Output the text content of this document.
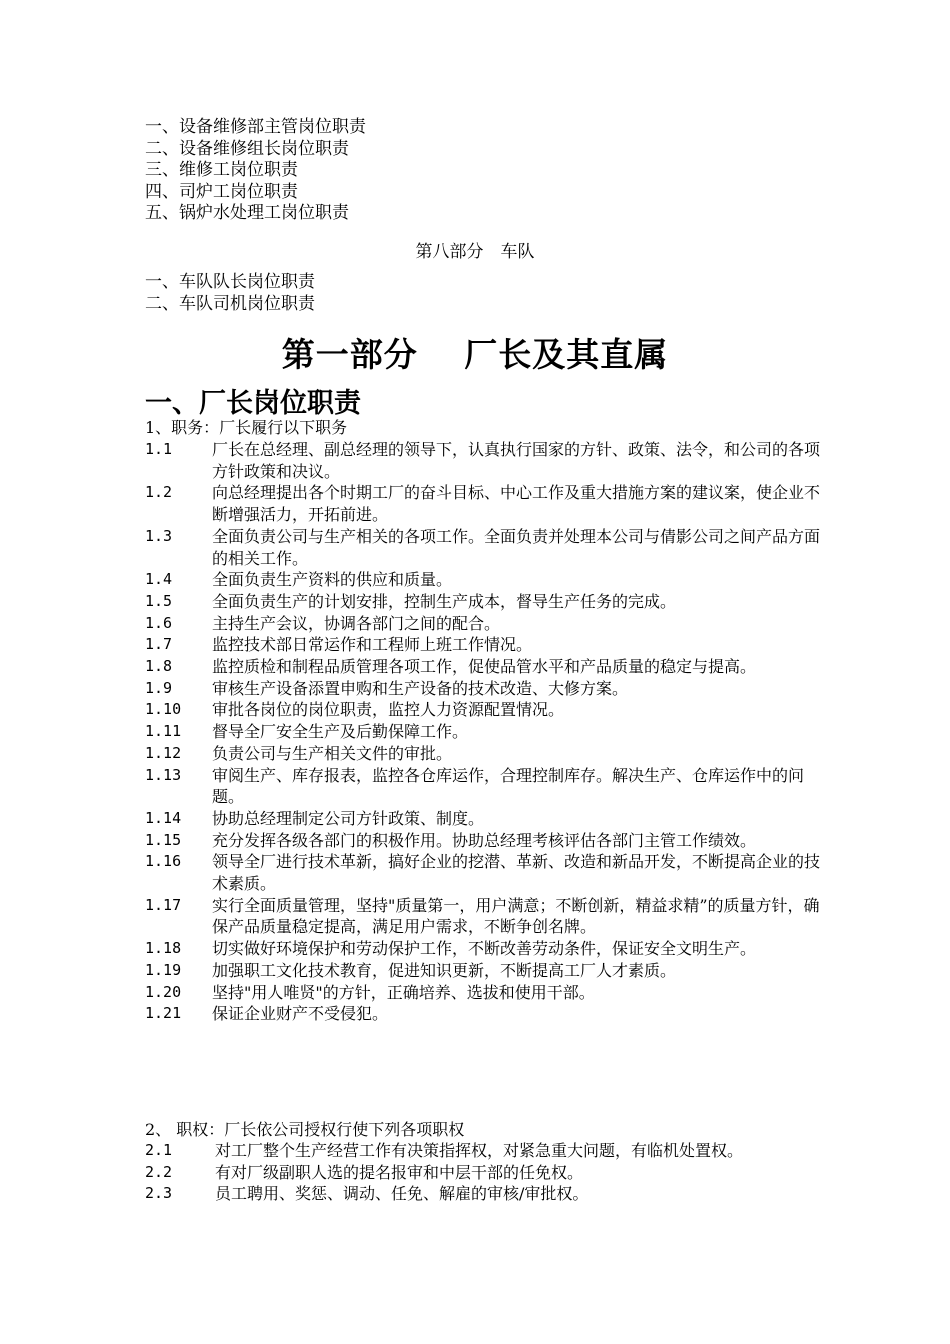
一、设备维修部主管岗位职责
二、设备维修组长岗位职责
三、维修工岗位职责
四、司炉工岗位职责
五、锅炉水处理工岗位职责
第八部分　车队
一、车队队长岗位职责
二、车队司机岗位职责
第一部分　 厂长及其直属
一、厂长岗位职责
1、职务：厂长履行以下职务
1.1	厂长在总经理、副总经理的领导下，认真执行国家的方针、政策、法令，和公司的各项方针政策和决议。
1.2	向总经理提出各个时期工厂的奋斗目标、中心工作及重大措施方案的建议案，使企业不断增强活力，开拓前进。
1.3	全面负责公司与生产相关的各项工作。全面负责并处理本公司与倩影公司之间产品方面的相关工作。
1.4	全面负责生产资料的供应和质量。
1.5	全面负责生产的计划安排，控制生产成本，督导生产任务的完成。
1.6	主持生产会议，协调各部门之间的配合。
1.7	监控技术部日常运作和工程师上班工作情况。
1.8	监控质检和制程品质管理各项工作，促使品管水平和产品质量的稳定与提高。
1.9	审核生产设备添置申购和生产设备的技术改造、大修方案。
1.10	审批各岗位的岗位职责，监控人力资源配置情况。
1.11	督导全厂安全生产及后勤保障工作。
1.12	负责公司与生产相关文件的审批。
1.13	审阅生产、库存报表，监控各仓库运作，合理控制库存。解决生产、仓库运作中的问题。
1.14	协助总经理制定公司方针政策、制度。
1.15	充分发挥各级各部门的积极作用。协助总经理考核评估各部门主管工作绩效。
1.16	领导全厂进行技术革新，搞好企业的挖潜、革新、改造和新品开发，不断提高企业的技术素质。
1.17	实行全面质量管理，坚持"质量第一，用户满意；不断创新，精益求精”的质量方针，确保产品质量稳定提高，满足用户需求，不断争创名牌。
1.18	切实做好环境保护和劳动保护工作，不断改善劳动条件，保证安全文明生产。
1.19	加强职工文化技术教育，促进知识更新，不断提高工厂人才素质。
1.20	坚持"用人唯贤"的方针，正确培养、选拔和使用干部。
1.21	保证企业财产不受侵犯。
2、 职权：厂长依公司授权行使下列各项职权
2.1	对工厂整个生产经营工作有决策指挥权，对紧急重大问题，有临机处置权。
2.2	有对厂级副职人选的提名报审和中层干部的任免权。
2.3	员工聘用、奖惩、调动、任免、解雇的审核/审批权。
